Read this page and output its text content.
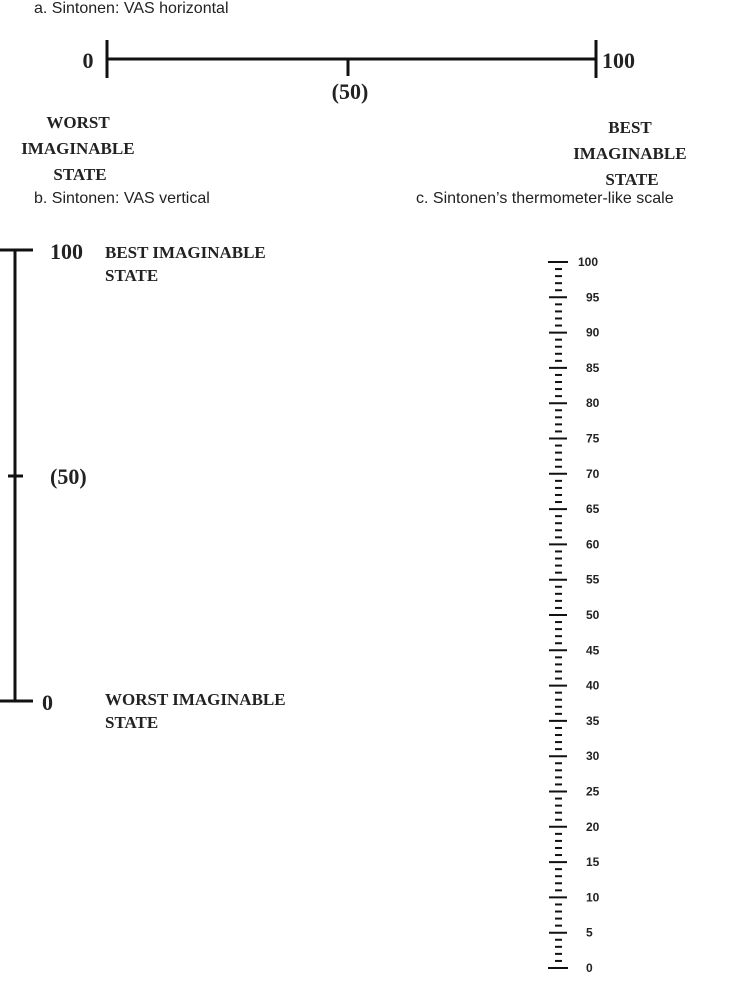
a. Sintonen: VAS horizontal
b. Sintonen: VAS vertical	c. Sintonen’s thermometer-like scale
0	100
(50)
WORST IMAGINABLE STATE
BEST IMAGINABLE STATE
100
(50)
0
BEST IMAGINABLE STATE
WORST IMAGINABLE STATE
100
95
90
85
80
75
70
65
60
55
50
45
40
35
30
25
20
15
10
5
0
